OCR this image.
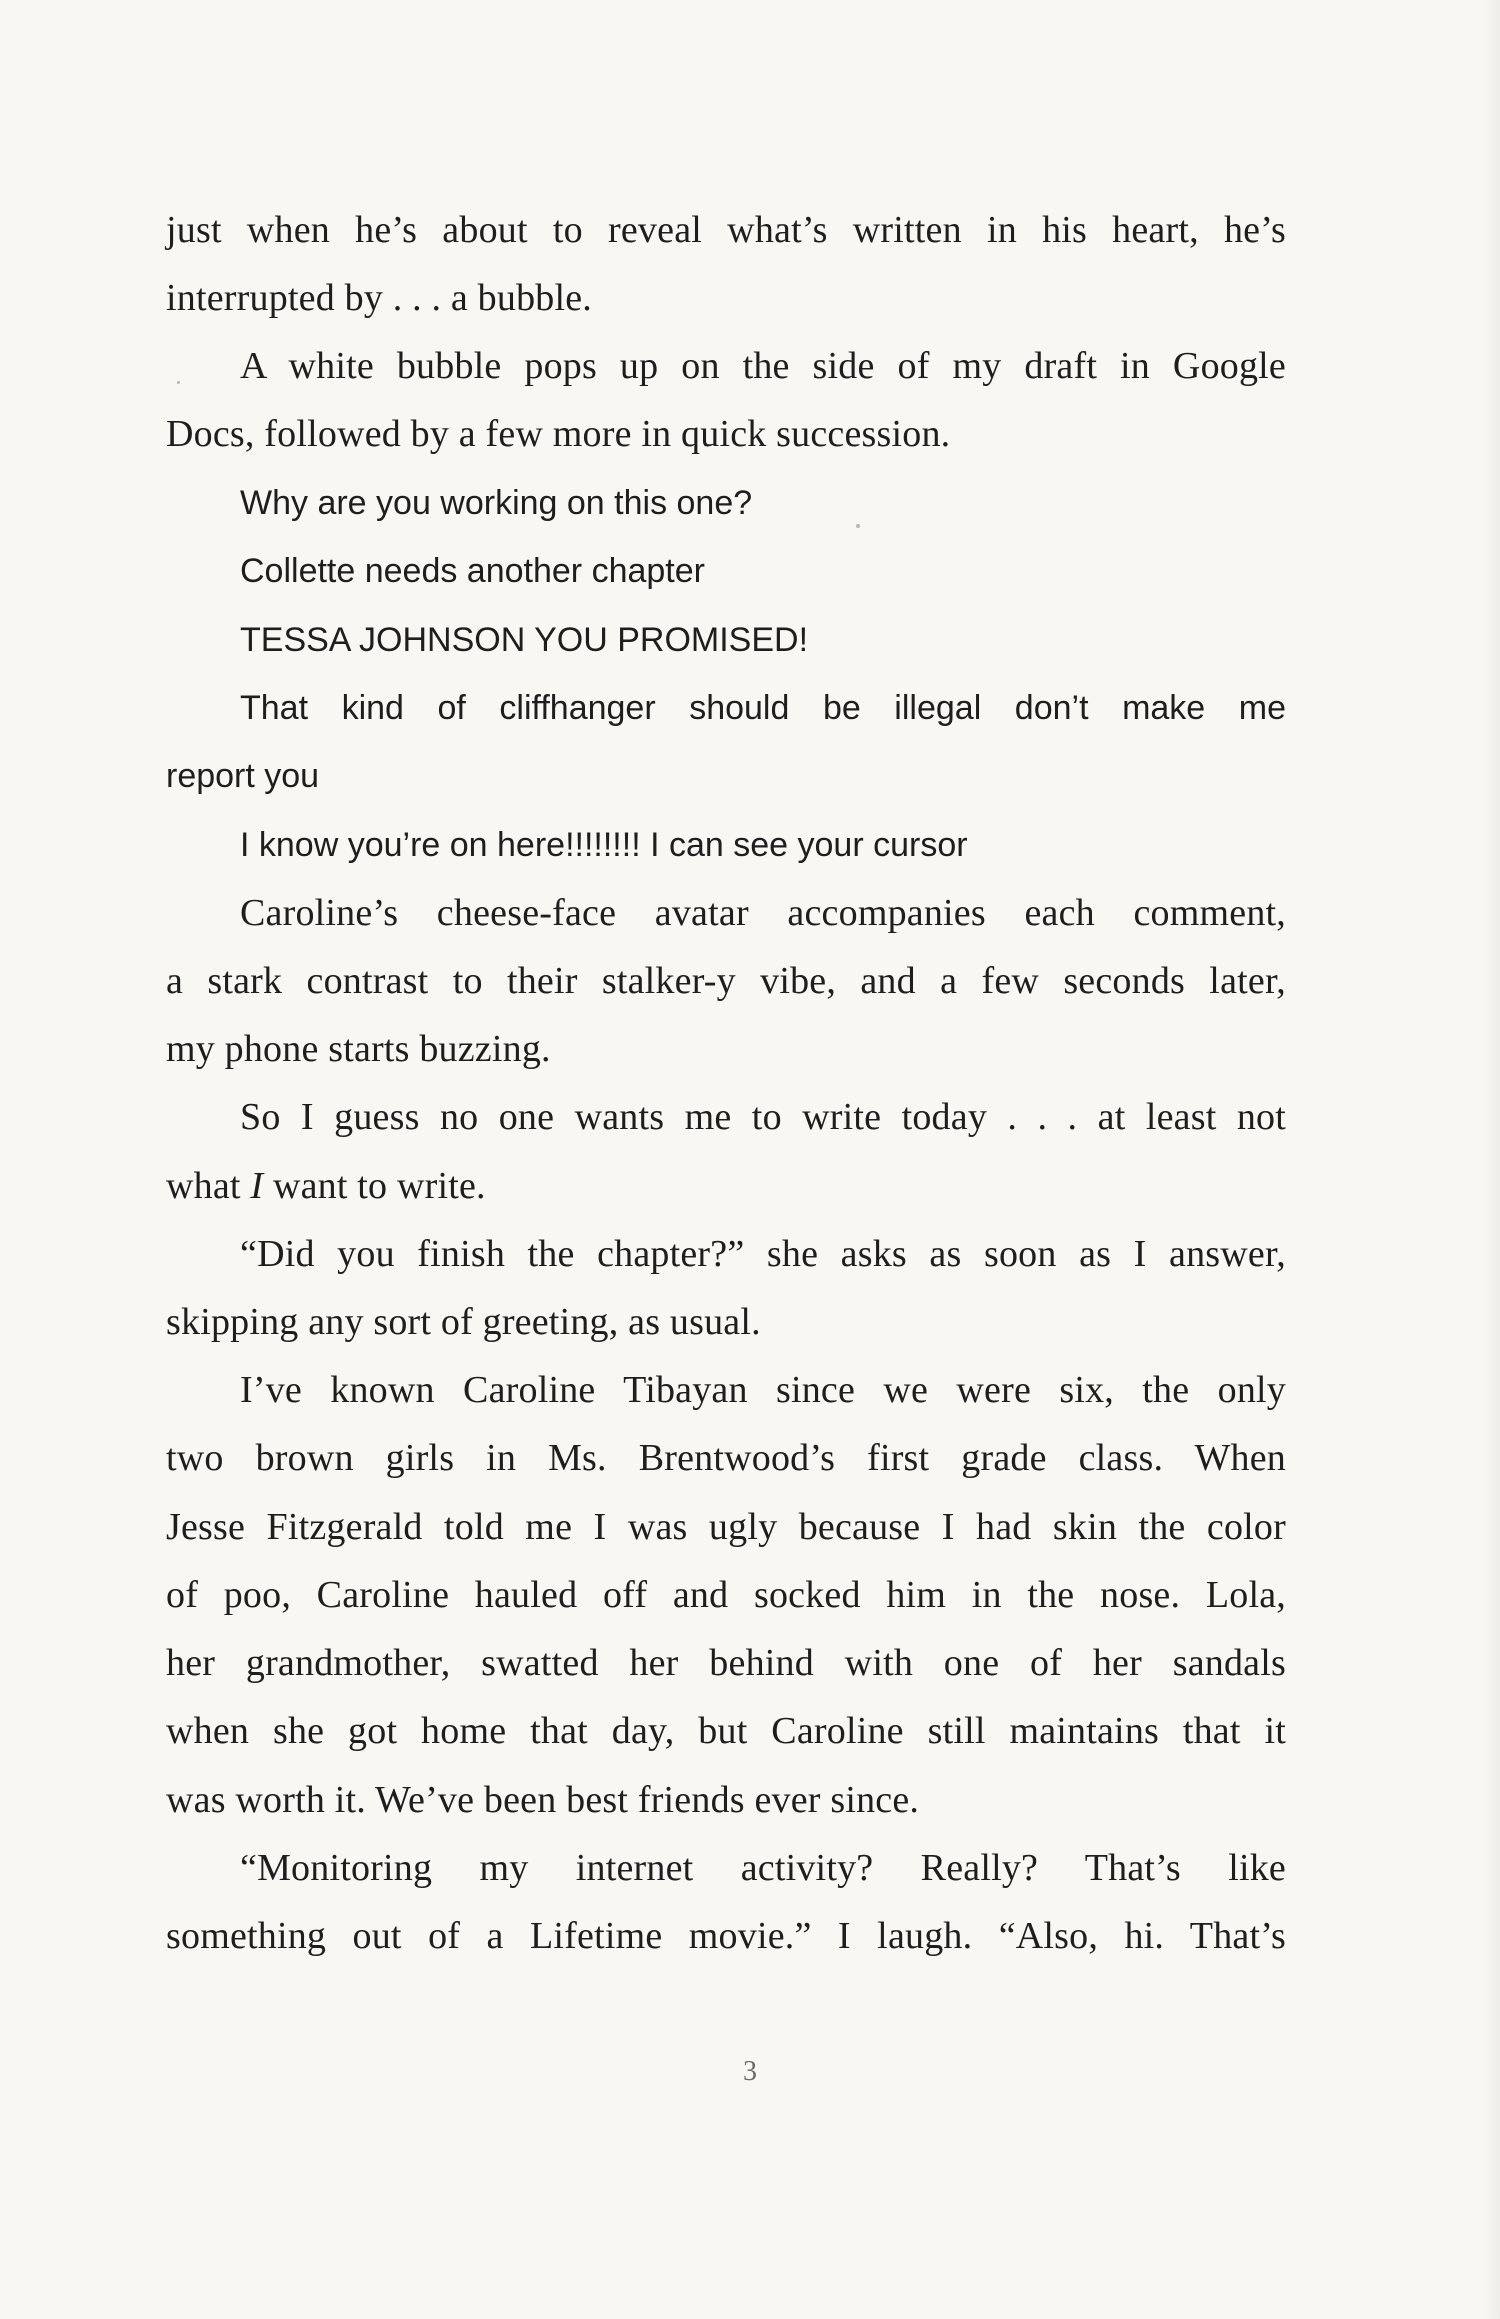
just when he’s about to reveal what’s written in his heart, he’s
interrupted by . . . a bubble.
A white bubble pops up on the side of my draft in Google
Docs, followed by a few more in quick succession.
Why are you working on this one?
Collette needs another chapter
TESSA JOHNSON YOU PROMISED!
That kind of cliffhanger should be illegal don’t make me
report you
I know you’re on here!!!!!!!! I can see your cursor
Caroline’s cheese-face avatar accompanies each comment,
a stark contrast to their stalker-y vibe, and a few seconds later,
my phone starts buzzing.
So I guess no one wants me to write today . . . at least not
what I want to write.
“Did you finish the chapter?” she asks as soon as I answer,
skipping any sort of greeting, as usual.
I’ve known Caroline Tibayan since we were six, the only
two brown girls in Ms. Brentwood’s first grade class. When
Jesse Fitzgerald told me I was ugly because I had skin the color
of poo, Caroline hauled off and socked him in the nose. Lola,
her grandmother, swatted her behind with one of her sandals
when she got home that day, but Caroline still maintains that it
was worth it. We’ve been best friends ever since.
“Monitoring my internet activity? Really? That’s like
something out of a Lifetime movie.” I laugh. “Also, hi. That’s
3
